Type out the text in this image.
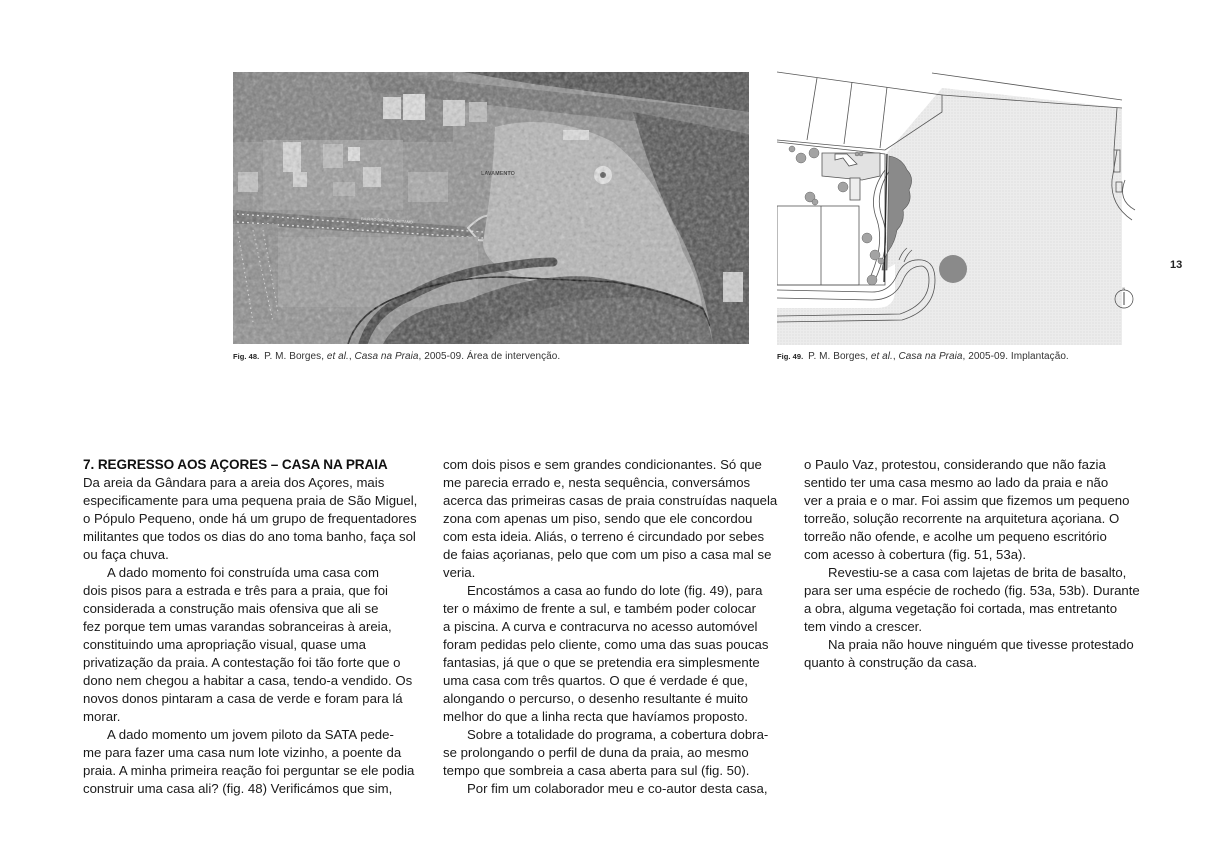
N
Fig. 48. P. M. Borges, et al., Casa na Praia, 2005-09. Área de intervenção.	Fig. 49. P. M. Borges, et al., Casa na Praia, 2005-09. Implantação.
13
7. REGRESSO AOS AÇORES – CASA NA PRAIA

Da areia da Gândara para a areia dos Açores, mais
especificamente para uma pequena praia de São Miguel,
o Pópulo Pequeno, onde há um grupo de frequentadores
militantes que todos os dias do ano toma banho, faça sol
ou faça chuva.

A dado momento foi construída uma casa com
dois pisos para a estrada e três para a praia, que foi
considerada a construção mais ofensiva que ali se
fez porque tem umas varandas sobranceiras à areia,
constituindo uma apropriação visual, quase uma
privatização da praia. A contestação foi tão forte que o
dono nem chegou a habitar a casa, tendo-a vendido. Os
novos donos pintaram a casa de verde e foram para lá
morar.

A dado momento um jovem piloto da SATA pede-
me para fazer uma casa num lote vizinho, a poente da
praia. A minha primeira reação foi perguntar se ele podia
construir uma casa ali? (fig. 48) Verificámos que sim,

com dois pisos e sem grandes condicionantes. Só que
me parecia errado e, nesta sequência, conversámos
acerca das primeiras casas de praia construídas naquela
zona com apenas um piso, sendo que ele concordou
com esta ideia. Aliás, o terreno é circundado por sebes
de faias açorianas, pelo que com um piso a casa mal se
veria.

Encostámos a casa ao fundo do lote (fig. 49), para
ter o máximo de frente a sul, e também poder colocar
a piscina. A curva e contracurva no acesso automóvel
foram pedidas pelo cliente, como uma das suas poucas
fantasias, já que o que se pretendia era simplesmente
uma casa com três quartos. O que é verdade é que,
alongando o percurso, o desenho resultante é muito
melhor do que a linha recta que havíamos proposto.

Sobre a totalidade do programa, a cobertura dobra-
se prolongando o perfil de duna da praia, ao mesmo
tempo que sombreia a casa aberta para sul (fig. 50).

Por fim um colaborador meu e co-autor desta casa,

o Paulo Vaz, protestou, considerando que não fazia
sentido ter uma casa mesmo ao lado da praia e não
ver a praia e o mar. Foi assim que fizemos um pequeno
torreão, solução recorrente na arquitetura açoriana. O
torreão não ofende, e acolhe um pequeno escritório
com acesso à cobertura (fig. 51, 53a).

Revestiu-se a casa com lajetas de brita de basalto,
para ser uma espécie de rochedo (fig. 53a, 53b). Durante
a obra, alguma vegetação foi cortada, mas entretanto
tem vindo a crescer.

Na praia não houve ninguém que tivesse protestado
quanto à construção da casa.
